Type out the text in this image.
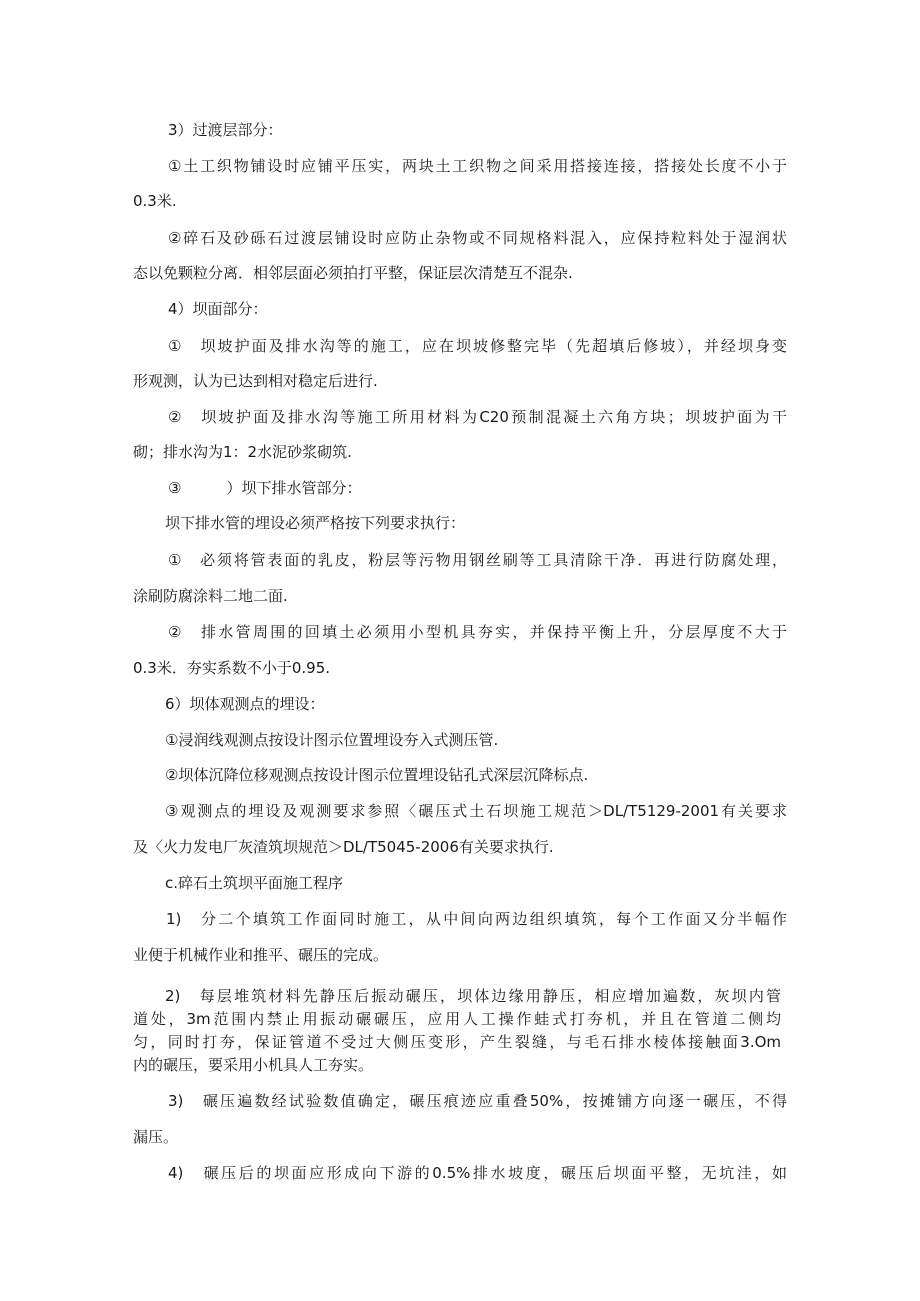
3）过渡层部分：
①土工织物铺设时应铺平压实，两块土工织物之间采用搭接连接，搭接处长度不小于
0.3米.
②碎石及砂砾石过渡层铺设时应防止杂物或不同规格料混入，应保持粒料处于湿润状
态以免颗粒分离．相邻层面必须拍打平整，保证层次清楚互不混杂.
4）坝面部分：
①　坝坡护面及排水沟等的施工，应在坝坡修整完毕（先超填后修坡），并经坝身变
形观测，认为已达到相对稳定后进行.
②　坝坡护面及排水沟等施工所用材料为C20预制混凝土六角方块；坝坡护面为干
砌；排水沟为1：2水泥砂浆砌筑.
③　　　）坝下排水管部分：
坝下排水管的埋设必须严格按下列要求执行：
①　必须将管表面的乳皮，粉层等污物用钢丝刷等工具清除干净．再进行防腐处理，
涂刷防腐涂料二地二面.
②　排水管周围的回填土必须用小型机具夯实，并保持平衡上升，分层厚度不大于
0.3米．夯实系数不小于0.95.
6）坝体观测点的埋设：
①浸润线观测点按设计图示位置埋设夯入式测压管.
②坝体沉降位移观测点按设计图示位置埋设钻孔式深层沉降标点.
③观测点的埋设及观测要求参照〈碾压式土石坝施工规范＞DL/T5129-2001有关要求
及〈火力发电厂灰渣筑坝规范＞DL/T5045-2006有关要求执行.
c.碎石土筑坝平面施工程序
1)　分二个填筑工作面同时施工，从中间向两边组织填筑，每个工作面又分半幅作
业便于机械作业和推平、碾压的完成。
2)　每层堆筑材料先静压后振动碾压，坝体边缘用静压，相应增加遍数，灰坝内管
道处，3m范围内禁止用振动碾碾压，应用人工操作蛙式打夯机，并且在管道二侧均
匀，同时打夯，保证管道不受过大侧压变形，产生裂缝，与毛石排水棱体接触面3.Om
内的碾压，要采用小机具人工夯实。
3)　碾压遍数经试验数值确定，碾压痕迹应重叠50%，按摊铺方向逐一碾压，不得
漏压。
4)　碾压后的坝面应形成向下游的0.5%排水坡度，碾压后坝面平整，无坑洼，如
